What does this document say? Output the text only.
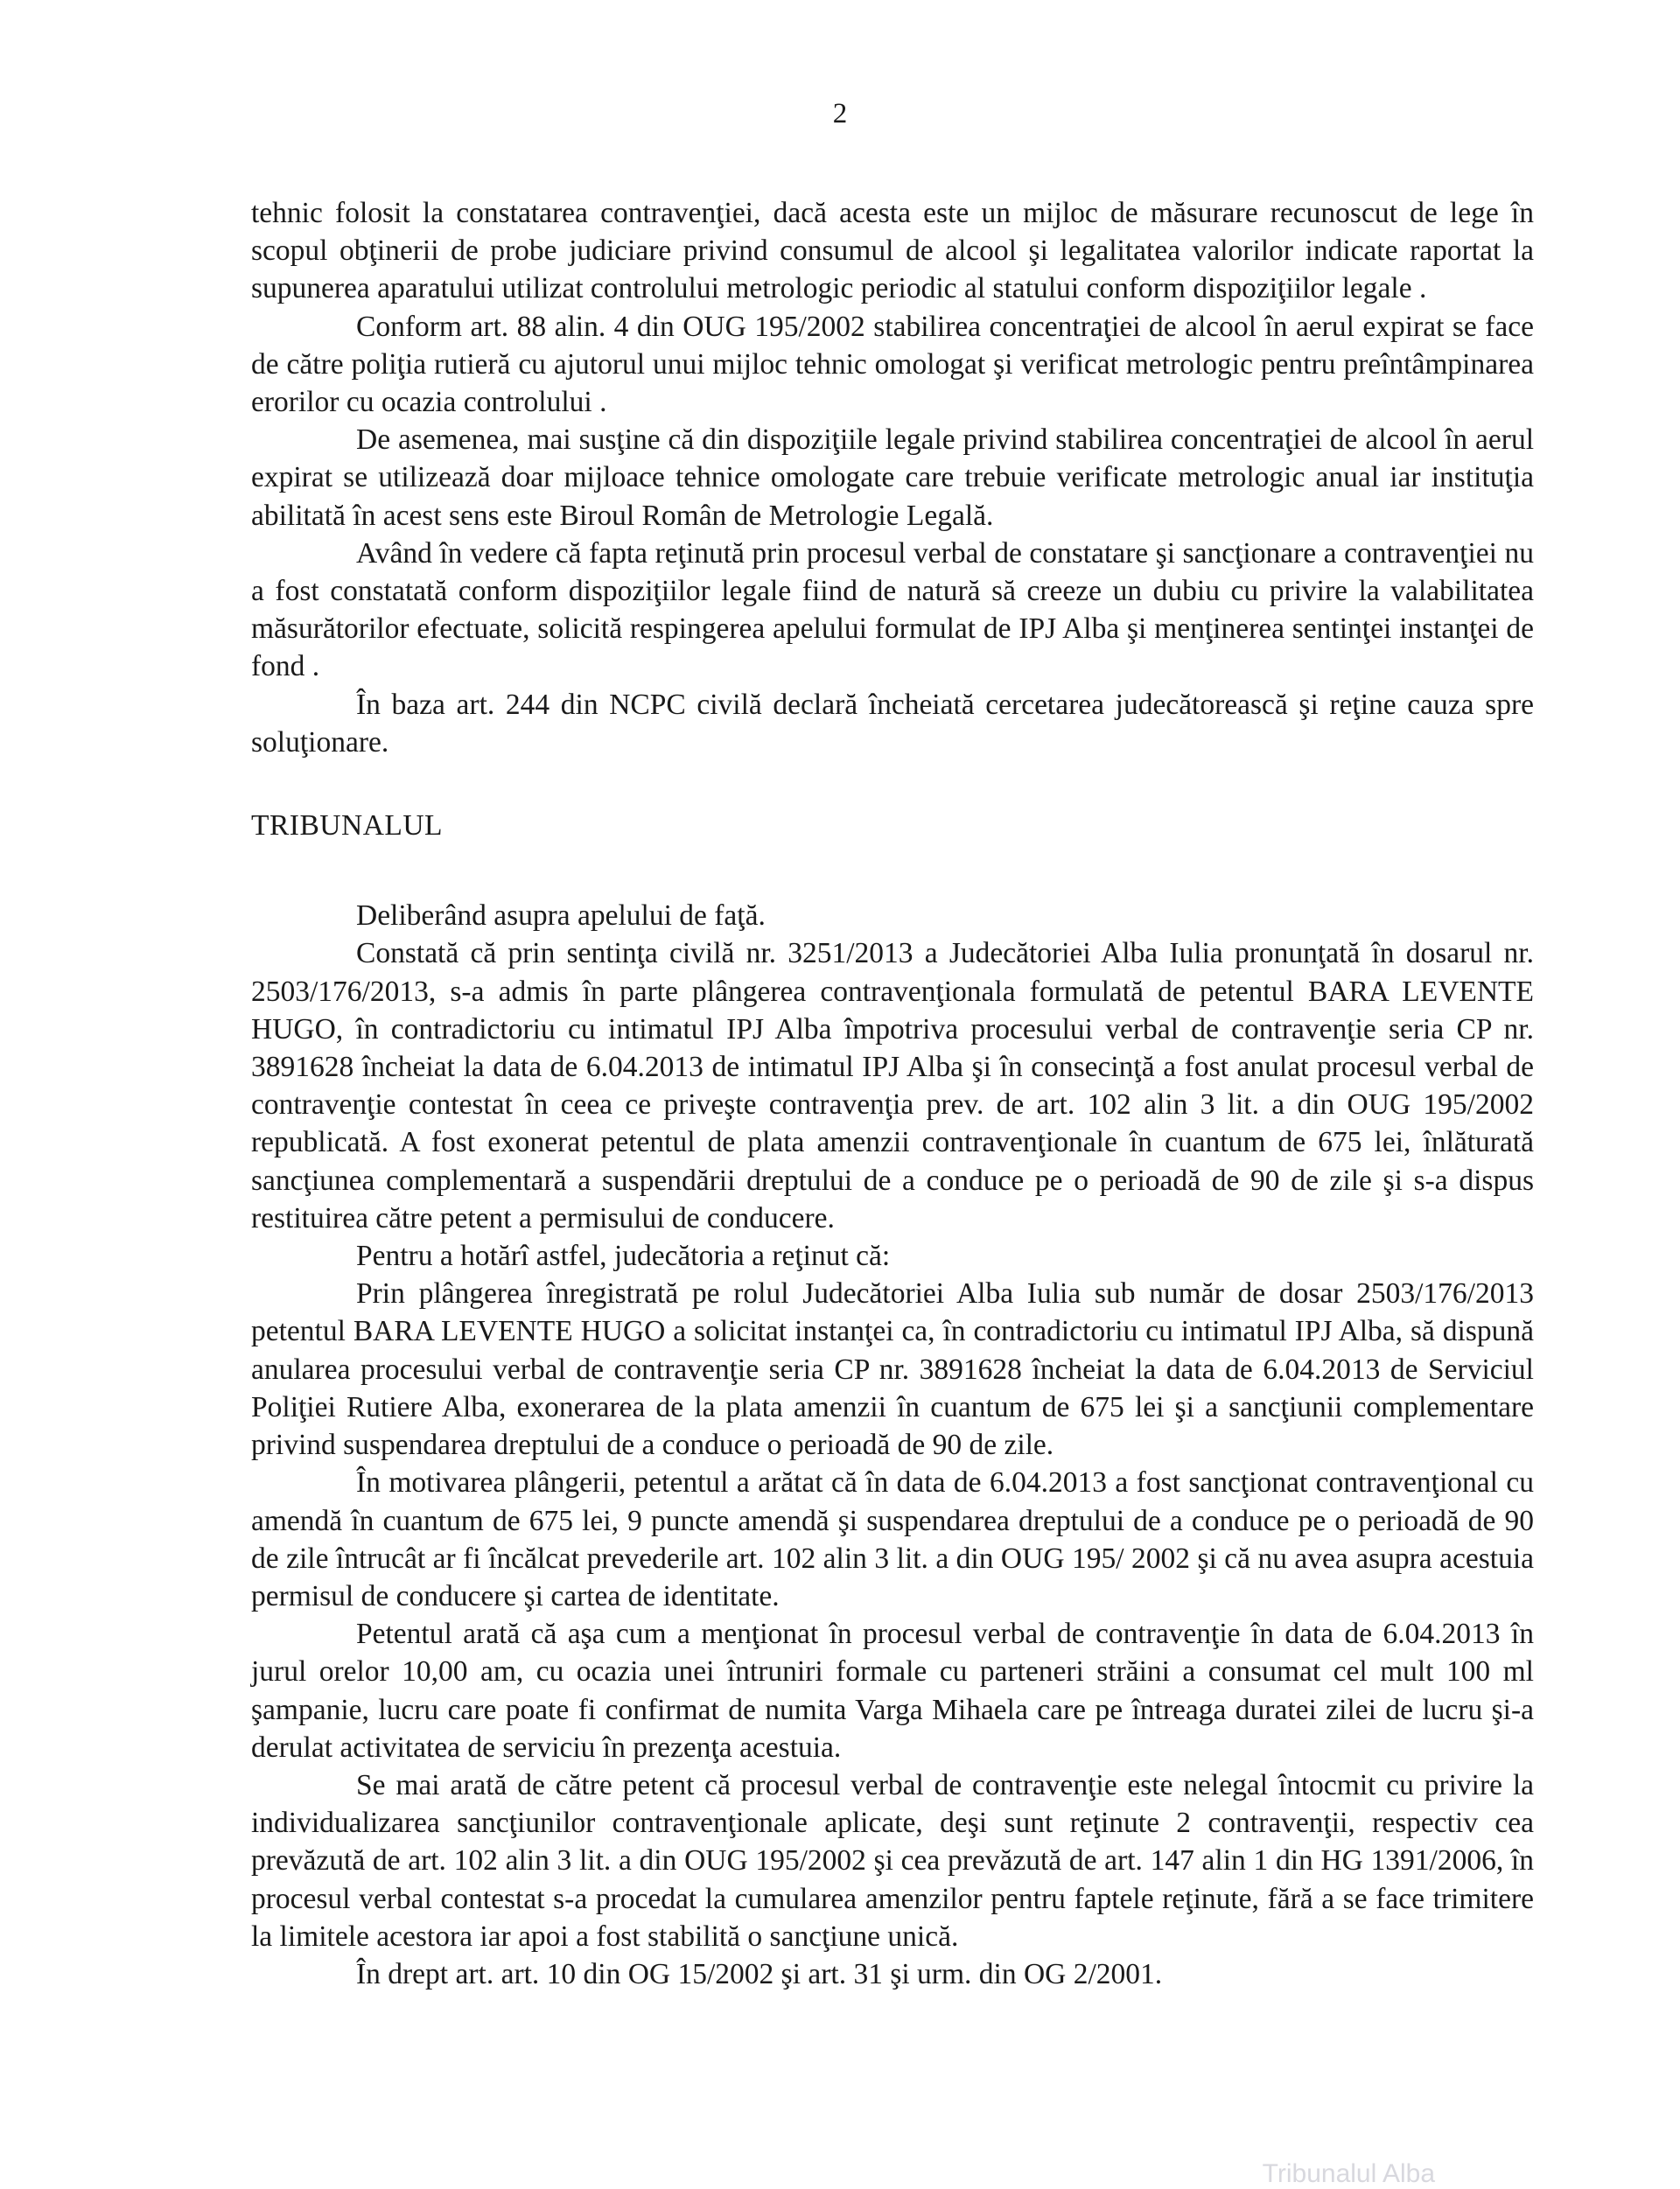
2

tehnic folosit la constatarea contravenţiei, dacă acesta este un mijloc de măsurare recunoscut de lege în scopul obţinerii de probe judiciare privind consumul de alcool şi legalitatea valorilor indicate raportat la supunerea aparatului utilizat controlului metrologic periodic al statului conform dispoziţiilor legale .

Conform art. 88 alin. 4 din OUG 195/2002 stabilirea concentraţiei de alcool în aerul expirat se face de către poliţia rutieră cu ajutorul unui mijloc tehnic omologat şi verificat metrologic pentru preîntâmpinarea erorilor cu ocazia controlului .

De asemenea, mai susţine că din dispoziţiile legale privind stabilirea concentraţiei de alcool în aerul expirat se utilizează doar mijloace tehnice omologate care trebuie verificate metrologic anual iar instituţia abilitată în acest sens este Biroul Român de Metrologie Legală.

Având în vedere că fapta reţinută prin procesul verbal de constatare şi sancţionare a contravenţiei nu a fost constatată conform dispoziţiilor legale fiind de natură să creeze un dubiu cu privire la valabilitatea măsurătorilor efectuate, solicită respingerea apelului formulat de IPJ Alba şi menţinerea sentinţei instanţei de fond .

În baza art. 244 din NCPC civilă declară încheiată cercetarea judecătorească şi reţine cauza spre soluţionare.

TRIBUNALUL

Deliberând asupra apelului de faţă.

Constată că prin sentinţa civilă nr. 3251/2013 a Judecătoriei Alba Iulia pronunţată în dosarul nr. 2503/176/2013, s-a admis în parte plângerea contravenţionala formulată de petentul BARA LEVENTE HUGO, în contradictoriu cu intimatul IPJ Alba împotriva procesului verbal de contravenţie seria CP nr. 3891628 încheiat la data de 6.04.2013 de intimatul IPJ Alba şi în consecinţă a fost anulat procesul verbal de contravenţie contestat în ceea ce priveşte contravenţia prev. de art. 102 alin 3 lit. a din OUG 195/2002 republicată. A fost exonerat petentul de plata amenzii contravenţionale în cuantum de 675 lei, înlăturată sancţiunea complementară a suspendării dreptului de a conduce pe o perioadă de 90 de zile şi s-a dispus restituirea către petent a permisului de conducere.

Pentru a hotărî astfel, judecătoria a reţinut că:

Prin plângerea înregistrată pe rolul Judecătoriei Alba Iulia sub număr de dosar 2503/176/2013 petentul BARA LEVENTE HUGO a solicitat instanţei ca, în contradictoriu cu intimatul IPJ Alba, să dispună anularea procesului verbal de contravenţie seria CP nr. 3891628 încheiat la data de 6.04.2013 de Serviciul Poliţiei Rutiere Alba, exonerarea de la plata amenzii în cuantum de 675 lei şi a sancţiunii complementare privind suspendarea dreptului de a conduce o perioadă de 90 de zile.

În motivarea plângerii, petentul a arătat că în data de 6.04.2013 a fost sancţionat contravenţional cu amendă în cuantum de 675 lei, 9 puncte amendă şi suspendarea dreptului de a conduce pe o perioadă de 90 de zile întrucât ar fi încălcat prevederile art. 102 alin 3 lit. a din OUG 195/ 2002 şi că nu avea asupra acestuia permisul de conducere şi cartea de identitate.

Petentul arată că aşa cum a menţionat în procesul verbal de contravenţie în data de 6.04.2013 în jurul orelor 10,00 am, cu ocazia unei întruniri formale cu parteneri străini a consumat cel mult 100 ml şampanie, lucru care poate fi confirmat de numita Varga Mihaela care pe întreaga duratei zilei de lucru şi-a derulat activitatea de serviciu în prezenţa acestuia.

Se mai arată de către petent că procesul verbal de contravenţie este nelegal întocmit cu privire la individualizarea sancţiunilor contravenţionale aplicate, deşi sunt reţinute 2 contravenţii, respectiv cea prevăzută de art. 102 alin 3 lit. a din OUG 195/2002 şi cea prevăzută de art. 147 alin 1 din HG 1391/2006, în procesul verbal contestat s-a procedat la cumularea amenzilor pentru faptele reţinute, fără a se face trimitere la limitele acestora iar apoi a fost stabilită o sancţiune unică.

În drept art. art. 10 din OG 15/2002 şi art. 31 şi urm. din OG 2/2001.

Tribunalul Alba
